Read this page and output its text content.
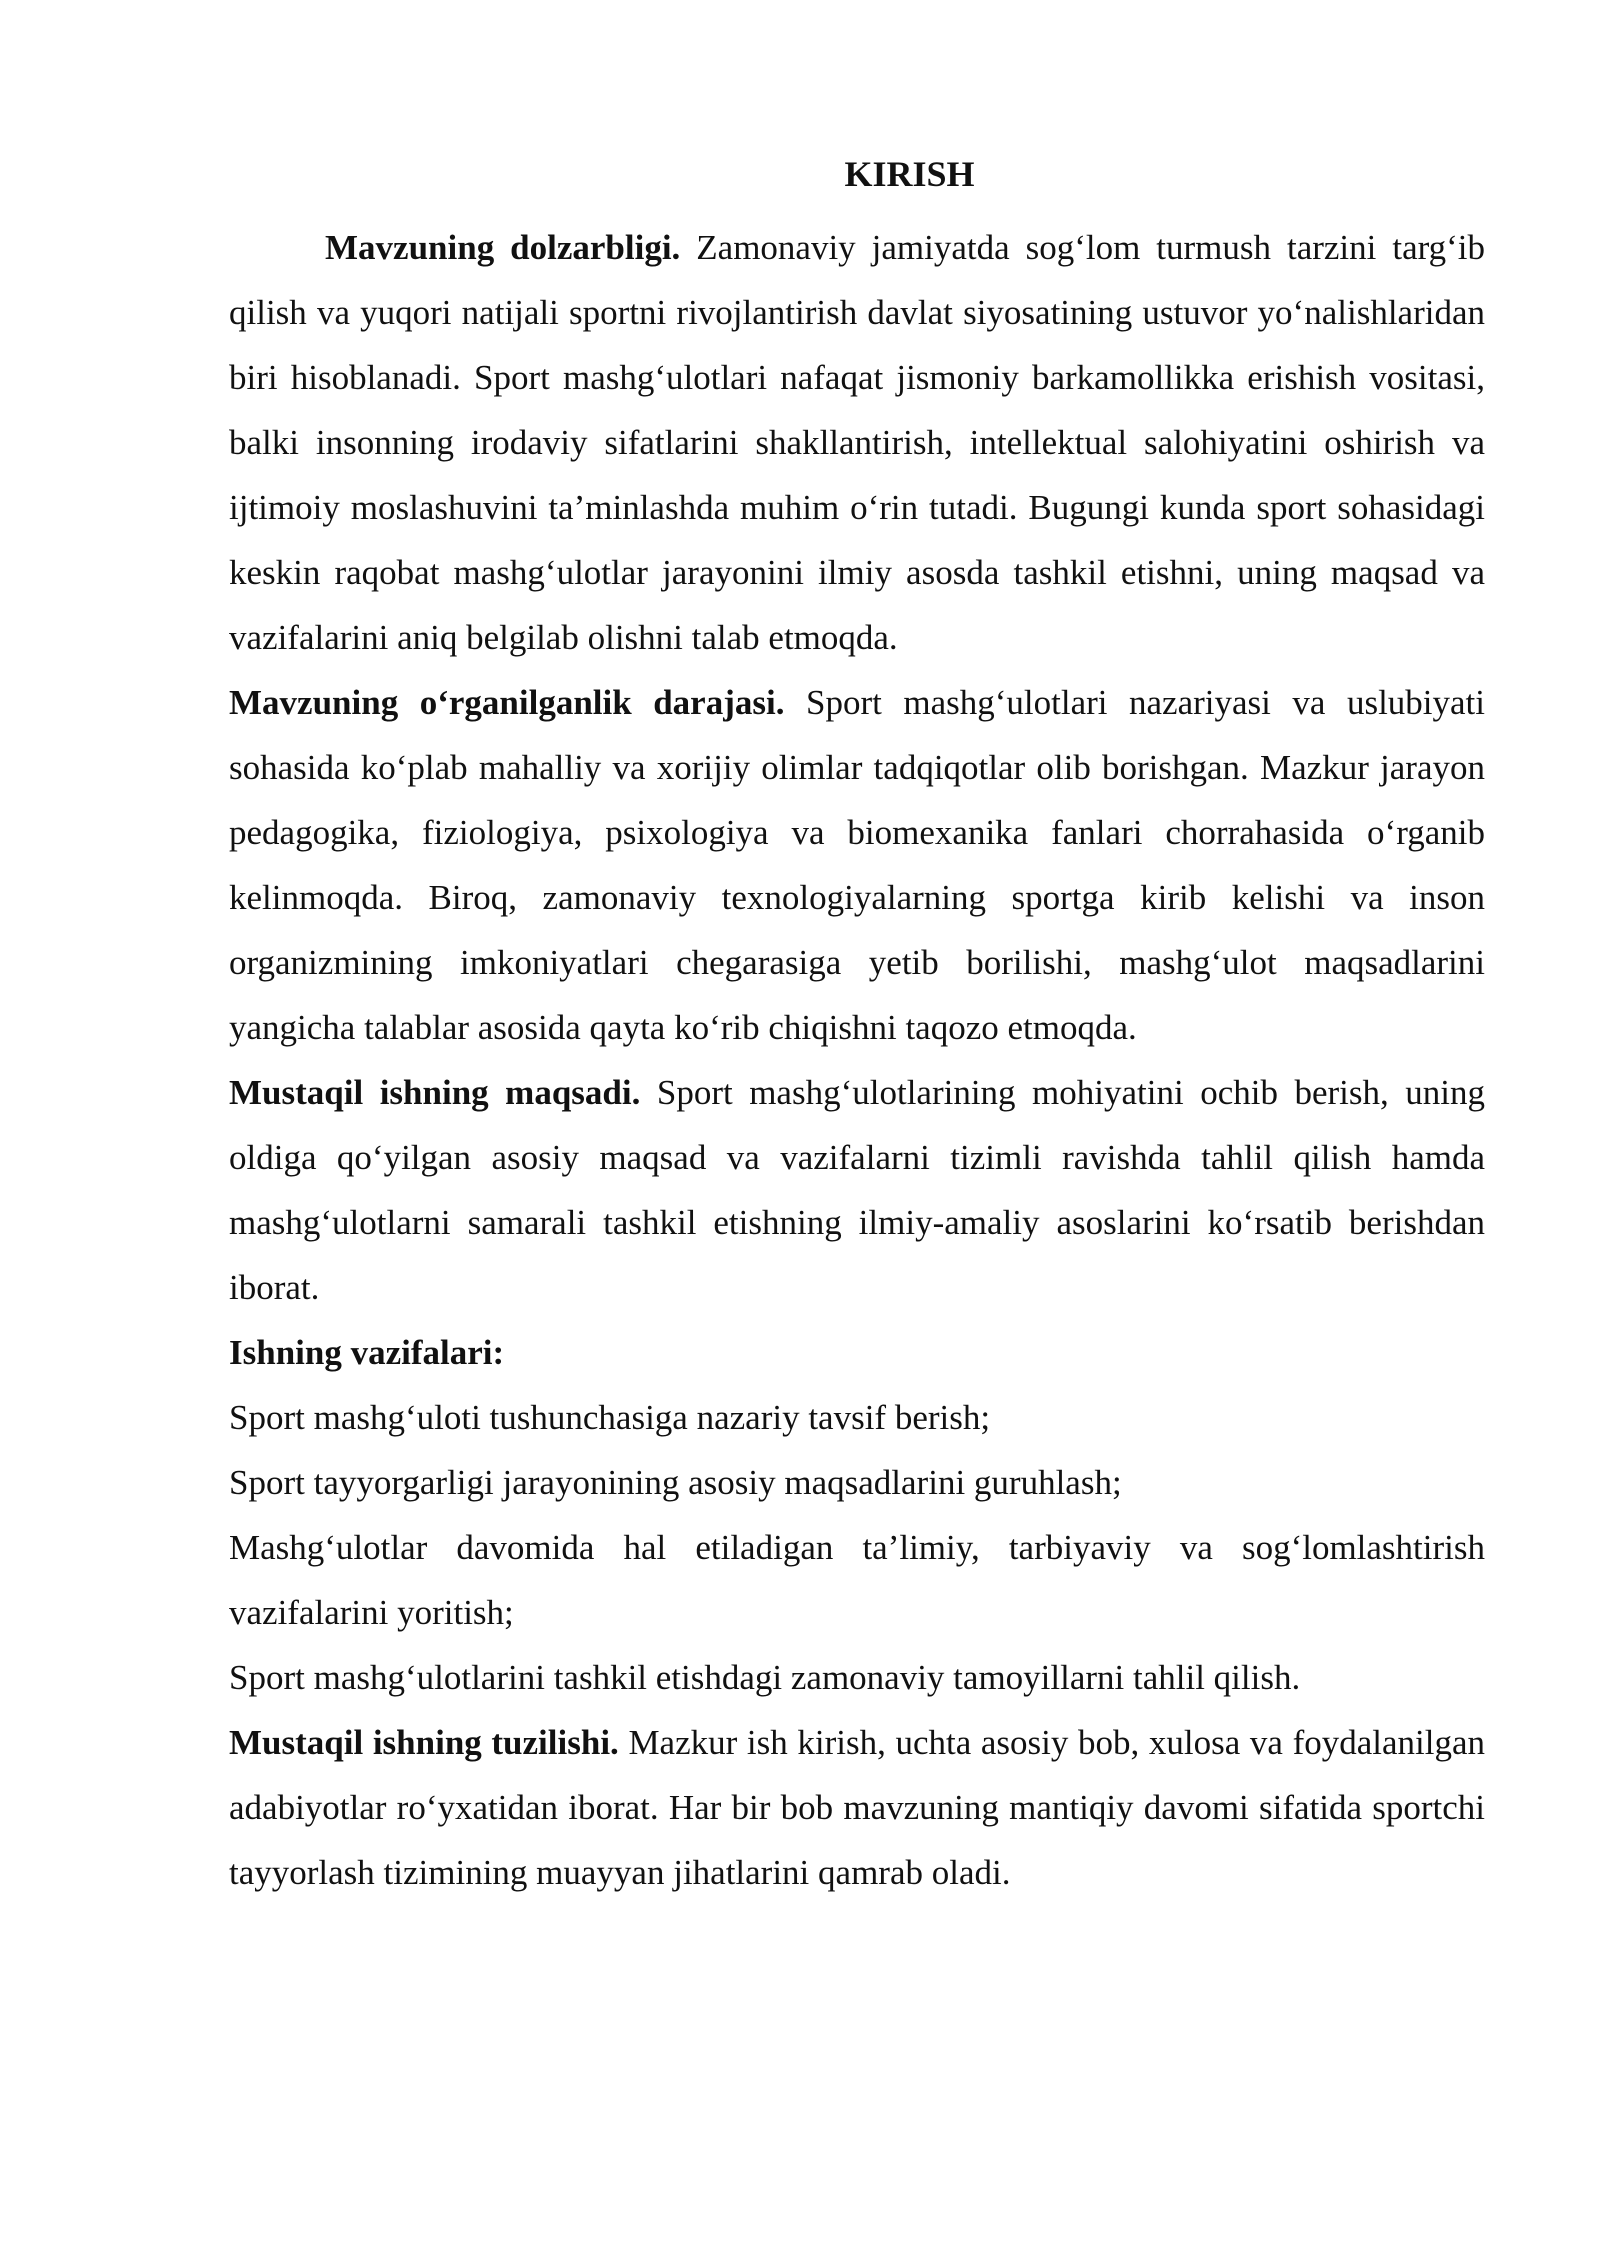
KIRISH

Mavzuning dolzarbligi. Zamonaviy jamiyatda sog‘lom turmush tarzini targ‘ib qilish va yuqori natijali sportni rivojlantirish davlat siyosatining ustuvor yo‘nalishlaridan biri hisoblanadi. Sport mashg‘ulotlari nafaqat jismoniy barkamollikka erishish vositasi, balki insonning irodaviy sifatlarini shakllantirish, intellektual salohiyatini oshirish va ijtimoiy moslashuvini ta’minlashda muhim o‘rin tutadi. Bugungi kunda sport sohasidagi keskin raqobat mashg‘ulotlar jarayonini ilmiy asosda tashkil etishni, uning maqsad va vazifalarini aniq belgilab olishni talab etmoqda.

Mavzuning o‘rganilganlik darajasi. Sport mashg‘ulotlari nazariyasi va uslubiyati sohasida ko‘plab mahalliy va xorijiy olimlar tadqiqotlar olib borishgan. Mazkur jarayon pedagogika, fiziologiya, psixologiya va biomexanika fanlari chorrahasida o‘rganib kelinmoqda. Biroq, zamonaviy texnologiyalarning sportga kirib kelishi va inson organizmining imkoniyatlari chegarasiga yetib borilishi, mashg‘ulot maqsadlarini yangicha talablar asosida qayta ko‘rib chiqishni taqozo etmoqda.

Mustaqil ishning maqsadi. Sport mashg‘ulotlarining mohiyatini ochib berish, uning oldiga qo‘yilgan asosiy maqsad va vazifalarni tizimli ravishda tahlil qilish hamda mashg‘ulotlarni samarali tashkil etishning ilmiy-amaliy asoslarini ko‘rsatib berishdan iborat.

Ishning vazifalari:

Sport mashg‘uloti tushunchasiga nazariy tavsif berish;
Sport tayyorgarligi jarayonining asosiy maqsadlarini guruhlash;
Mashg‘ulotlar davomida hal etiladigan ta’limiy, tarbiyaviy va sog‘lomlashtirish vazifalarini yoritish;
Sport mashg‘ulotlarini tashkil etishdagi zamonaviy tamoyillarni tahlil qilish.

Mustaqil ishning tuzilishi. Mazkur ish kirish, uchta asosiy bob, xulosa va foydalanilgan adabiyotlar ro‘yxatidan iborat. Har bir bob mavzuning mantiqiy davomi sifatida sportchi tayyorlash tizimining muayyan jihatlarini qamrab oladi.
